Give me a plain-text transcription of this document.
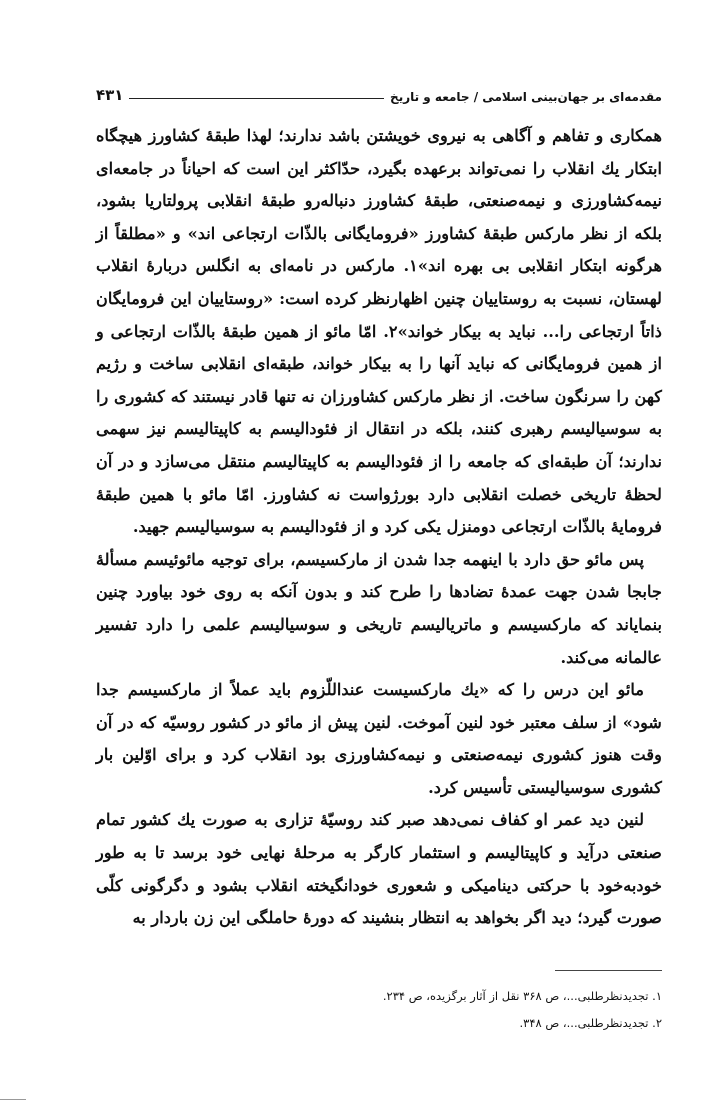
مقدمه‌ای بر جهان‌بینی اسلامی / جامعه و تاریخ
۴۳۱

همکاری و تفاهم و آگاهی به نیروی خویشتن باشد ندارند؛ لهذا طبقهٔ کشاورز هیچگاه ابتکار یك انقلاب را نمی‌تواند برعهده بگیرد، حدّاکثر این است که احیاناً در جامعه‌ای نیمه‌کشاورزی و نیمه‌صنعتی، طبقهٔ کشاورز دنباله‌رو طبقهٔ انقلابی پرولتاریا بشود، بلکه از نظر مارکس طبقهٔ کشاورز «فرومایگانی بالذّات ارتجاعی اند» و «مطلقاً از هرگونه ابتکار انقلابی بی بهره اند»۱. مارکس در نامه‌ای به انگلس دربارهٔ انقلاب لهستان، نسبت به روستاییان چنین اظهارنظر کرده است: «روستاییان این فرومایگان ذاتاً ارتجاعی را... نباید به بیکار خواند»۲. امّا مائو از همین طبقهٔ بالذّات ارتجاعی و از همین فرومایگانی که نباید آنها را به بیکار خواند، طبقه‌ای انقلابی ساخت و رژیم کهن را سرنگون ساخت. از نظر مارکس کشاورزان نه تنها قادر نیستند که کشوری را به سوسیالیسم رهبری کنند، بلکه در انتقال از فئودالیسم به کاپیتالیسم نیز سهمی ندارند؛ آن طبقه‌ای که جامعه را از فئودالیسم به کاپیتالیسم منتقل می‌سازد و در آن لحظهٔ تاریخی خصلت انقلابی دارد بورژواست نه کشاورز. امّا مائو با همین طبقهٔ فرومایهٔ بالذّات ارتجاعی دومنزل یکی کرد و از فئودالیسم به سوسیالیسم جهید.

پس مائو حق دارد با اینهمه جدا شدن از مارکسیسم، برای توجیه مائوئیسم مسألهٔ جابجا شدن جهت عمدهٔ تضادها را طرح کند و بدون آنکه به روی خود بیاورد چنین بنمایاند که مارکسیسم و ماتریالیسم تاریخی و سوسیالیسم علمی را دارد تفسیر عالمانه می‌کند.

مائو این درس را که «یك مارکسیست عنداللّزوم باید عملاً از مارکسیسم جدا شود» از سلف معتبر خود لنین آموخت. لنین پیش از مائو در کشور روسیّه که در آن وقت هنوز کشوری نیمه‌صنعتی و نیمه‌کشاورزی بود انقلاب کرد و برای اوّلین بار کشوری سوسیالیستی تأسیس کرد.

لنین دید عمر او کفاف نمی‌دهد صبر کند روسیّهٔ تزاری به صورت یك کشور تمام صنعتی درآید و کاپیتالیسم و استثمار کارگر به مرحلهٔ نهایی خود برسد تا به طور خودبه‌خود با حرکتی دینامیکی و شعوری خودانگیخته انقلاب بشود و دگرگونی کلّی صورت گیرد؛ دید اگر بخواهد به انتظار بنشیند که دورهٔ حاملگی این زن باردار به

۱. تجدیدنظرطلبی...، ص ۳۶۸ نقل از آثار برگزیده، ص ۲۳۴.
۲. تجدیدنظرطلبی...، ص ۳۴۸.
